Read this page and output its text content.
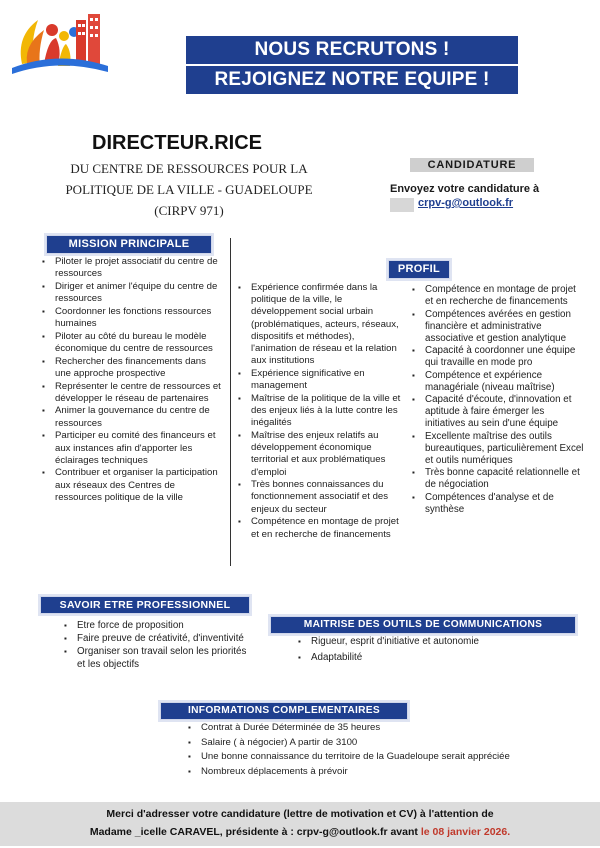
NOUS RECRUTONS !
REJOIGNEZ NOTRE EQUIPE !
DIRECTEUR.RICE
DU CENTRE DE RESSOURCES POUR LA
POLITIQUE DE LA VILLE - GUADELOUPE
(CIRPV 971)
CANDIDATURE
Envoyez votre candidature à
crpv-g@outlook.fr
MISSION PRINCIPALE
▪ Piloter le projet associatif du centre de ressources
▪ Diriger et animer l'équipe du centre de ressources
▪ Coordonner les fonctions ressources humaines
▪ Piloter au côté du bureau le modèle économique du centre de ressources
▪ Rechercher des financements dans une approche prospective
▪ Représenter le centre de ressources et développer le réseau de partenaires
▪ Animer la gouvernance du centre de ressources
▪ Participer eu comité des financeurs et aux instances afin d'apporter les éclairages techniques
▪ Contribuer et organiser la participation aux réseaux des Centres de ressources politique de la ville
▪ Expérience confirmée dans la politique de la ville, le développement social urbain (problématiques, acteurs, réseaux, dispositifs et méthodes), l'animation de réseau et la relation aux institutions
▪ Expérience significative en management
▪ Maîtrise de la politique de la ville et des enjeux liés à la lutte contre les inégalités
▪ Maîtrise des enjeux relatifs au développement économique territorial et aux problématiques d'emploi
▪ Très bonnes connaissances du fonctionnement associatif et des enjeux du secteur
▪ Compétence en montage de projet et en recherche de financements
PROFIL
▪ Compétence en montage de projet et en recherche de financements
▪ Compétences avérées en gestion financière et administrative associative et gestion analytique
▪ Capacité à coordonner une équipe qui travaille en mode pro
▪ Compétence et expérience managériale (niveau maîtrise)
▪ Capacité d'écoute, d'innovation et aptitude à faire émerger les initiatives au sein d'une équipe
▪ Excellente maîtrise des outils bureautiques, particulièrement Excel et outils numériques
▪ Très bonne capacité relationnelle et de négociation
▪ Compétences d'analyse et de synthèse
SAVOIR ETRE PROFESSIONNEL
▪ Etre force de proposition
▪ Faire preuve de créativité, d'inventivité
▪ Organiser son travail selon les priorités et les objectifs
MAITRISE DES OUTILS DE COMMUNICATIONS
▪ Rigueur, esprit d'initiative et autonomie
▪ Adaptabilité
INFORMATIONS COMPLEMENTAIRES
▪ Contrat à Durée Déterminée de 35 heures
▪ Salaire ( à négocier) A partir de 3100
▪ Une bonne connaissance du territoire de la Guadeloupe serait appréciée
▪ Nombreux déplacements à prévoir
Merci d'adresser votre candidature (lettre de motivation et CV) à l'attention de
Madame _icelle CARAVEL, présidente à : crpv-g@outlook.fr avant le 08 janvier 2026.
